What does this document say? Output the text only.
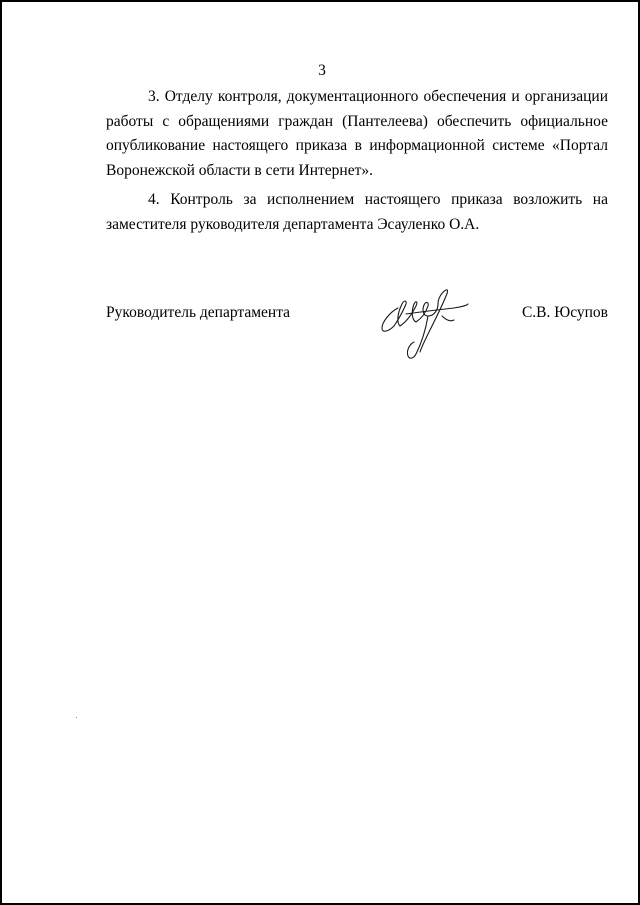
3
3. Отделу контроля, документационного обеспечения и организации
работы с обращениями граждан (Пантелеева) обеспечить официальное
опубликование настоящего приказа в информационной системе «Портал
Воронежской области в сети Интернет».
4. Контроль за исполнением настоящего приказа возложить на
заместителя руководителя департамента Эсауленко О.А.
Руководитель департамента	С.В. Юсупов
